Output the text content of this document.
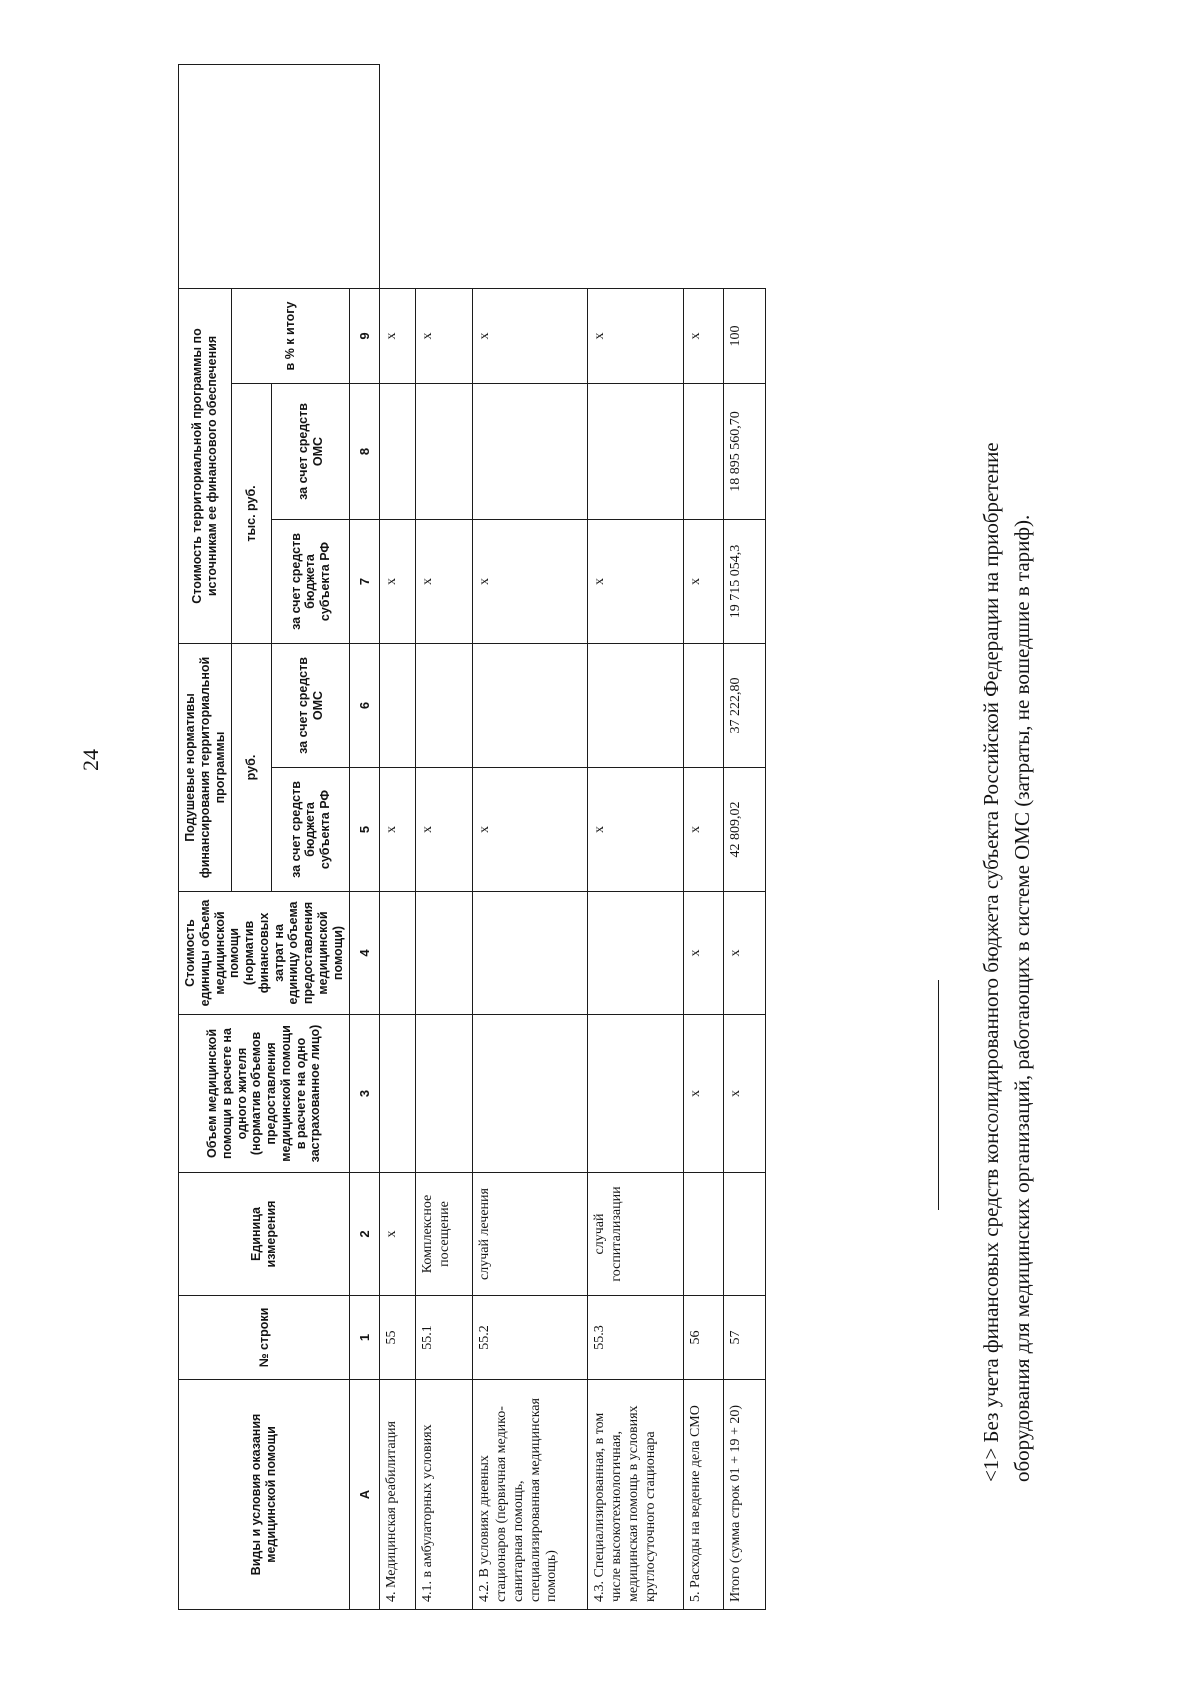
24
Виды и условия оказания медицинской помощи	№ строки	Единица измерения	Объем медицинской помощи в расчете на одного жителя (норматив объемов предоставления медицинской помощи в расчете на одно застрахованное лицо)	Стоимость единицы объема медицинской помощи (норматив финансовых затрат на единицу объема предоставления медицинской помощи)	Подушевые нормативы финансирования территориальной программы		Стоимость территориальной программы по источникам ее финансового обеспечения			
					руб.		тыс. руб.		в % к итогу	
					за счет средств бюджета субъекта РФ	за счет средств ОМС	за счет средств бюджета субъекта РФ	за счет средств ОМС		
А	1	2	3	4	5	6	7	8	9	
4. Медицинская реабилитация	55	х			х		х		х	
4.1. в амбулаторных условиях	55.1	Комплексное посещение			х		х		х	
4.2. В условиях дневных стационаров (первичная медико-санитарная помощь, специализированная медицинская помощь)	55.2	случай лечения			х		х		х	
4.3. Специализированная, в том числе высокотехнологичная, медицинская помощь в условиях круглосуточного стационара	55.3	случай госпитализации			х		х		х	
5. Расходы на ведение дела СМО	56		х	х	х		х		х	
Итого (сумма строк 01 + 19 + 20)	57		х	х	42 809,02	37 222,80	19 715 054,3	18 895 560,70	100	
<1> Без учета финансовых средств консолидированного бюджета субъекта Российской Федерации на приобретение оборудования для медицинских организаций, работающих в системе ОМС (затраты, не вошедшие в тариф).
